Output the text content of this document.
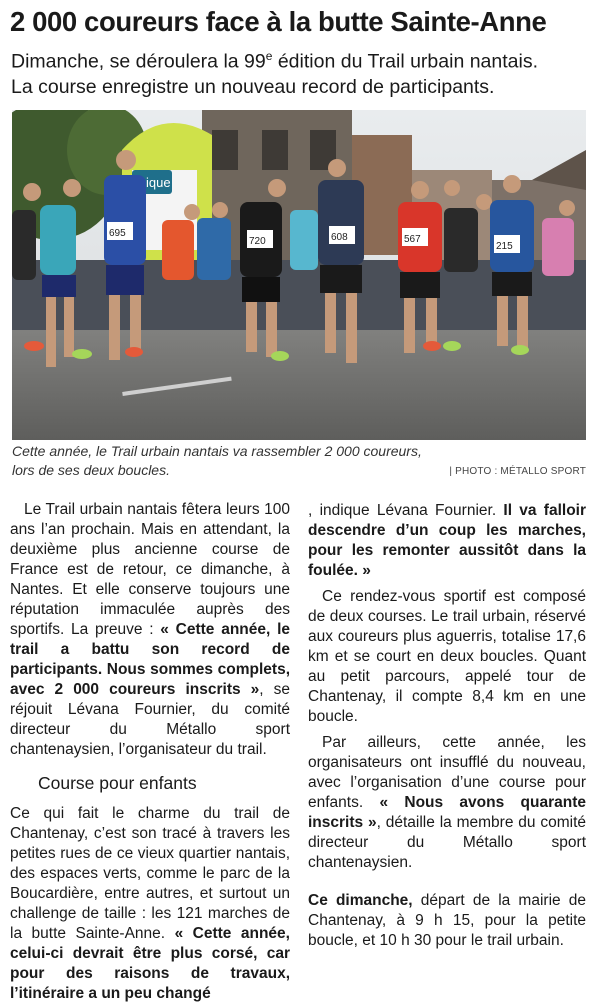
2 000 coureurs face à la butte Sainte-Anne
Dimanche, se déroulera la 99e édition du Trail urbain nantais.
La course enregistre un nouveau record de participants.
ique
695
720	608	567
215
Cette année, le Trail urbain nantais va rassembler 2 000 coureurs,
lors de ses deux boucles.	| PHOTO : MÉTALLO SPORT

Le Trail urbain nantais fêtera leurs 100 ans l’an prochain. Mais en attendant, la deuxième plus ancienne course de France est de retour, ce dimanche, à Nantes. Et elle conserve toujours une réputation immaculée auprès des sportifs. La preuve : « Cette année, le trail a battu son record de participants. Nous sommes complets, avec 2 000 coureurs inscrits », se réjouit Lévana Fournier, du comité directeur du Métallo sport chantenaysien, l’organisateur du trail.

Course pour enfants

Ce qui fait le charme du trail de Chantenay, c’est son tracé à travers les petites rues de ce vieux quartier nantais, des espaces verts, comme le parc de la Boucardière, entre autres, et surtout un challenge de taille : les 121 marches de la butte Sainte-Anne. « Cette année, celui-ci devrait être plus corsé, car pour des raisons de travaux, l’itinéraire a un peu changé

, indique Lévana Fournier. Il va falloir descendre d’un coup les marches, pour les remonter aussitôt dans la foulée. »

Ce rendez-vous sportif est composé de deux courses. Le trail urbain, réservé aux coureurs plus aguerris, totalise 17,6 km et se court en deux boucles. Quant au petit parcours, appelé tour de Chantenay, il compte 8,4 km en une boucle.

Par ailleurs, cette année, les organisateurs ont insufflé du nouveau, avec l’organisation d’une course pour enfants. « Nous avons quarante inscrits », détaille la membre du comité directeur du Métallo sport chantenaysien.

Ce dimanche, départ de la mairie de Chantenay, à 9 h 15, pour la petite boucle, et 10 h 30 pour le trail urbain.
